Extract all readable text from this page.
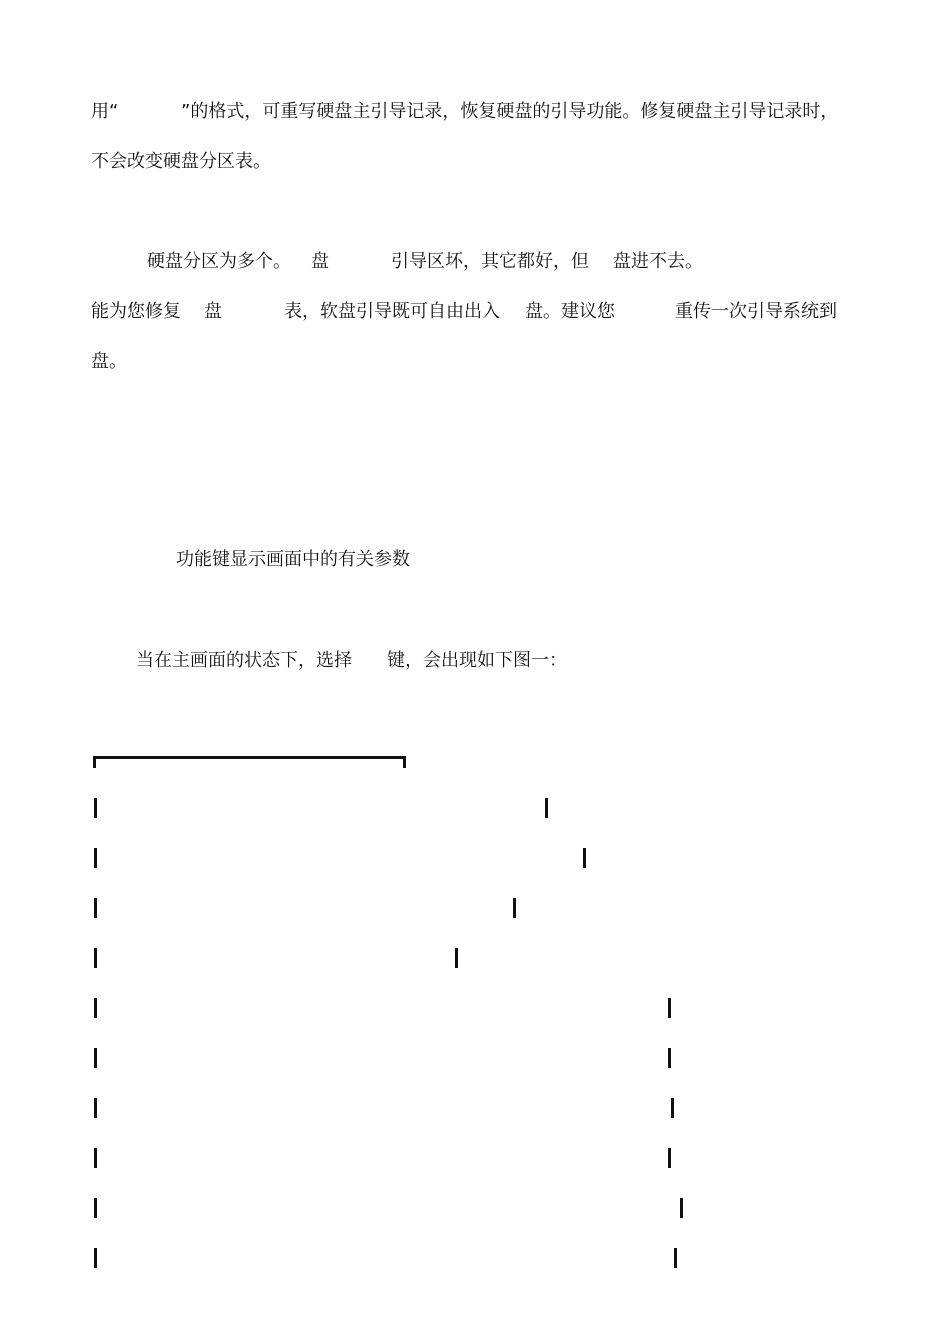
用“	”的格式，可重写硬盘主引导记录，恢复硬盘的引导功能。修复硬盘主引导记录时，
不会改变硬盘分区表。
硬盘分区为多个。 盘	引导区坏，其它都好，但 盘进不去。
能为您修复 盘	表，软盘引导既可自由出入 盘。建议您	重传一次引导系统到
盘。
功能键显示画面中的有关参数
当在主画面的状态下，选择 键，会出现如下图一：
